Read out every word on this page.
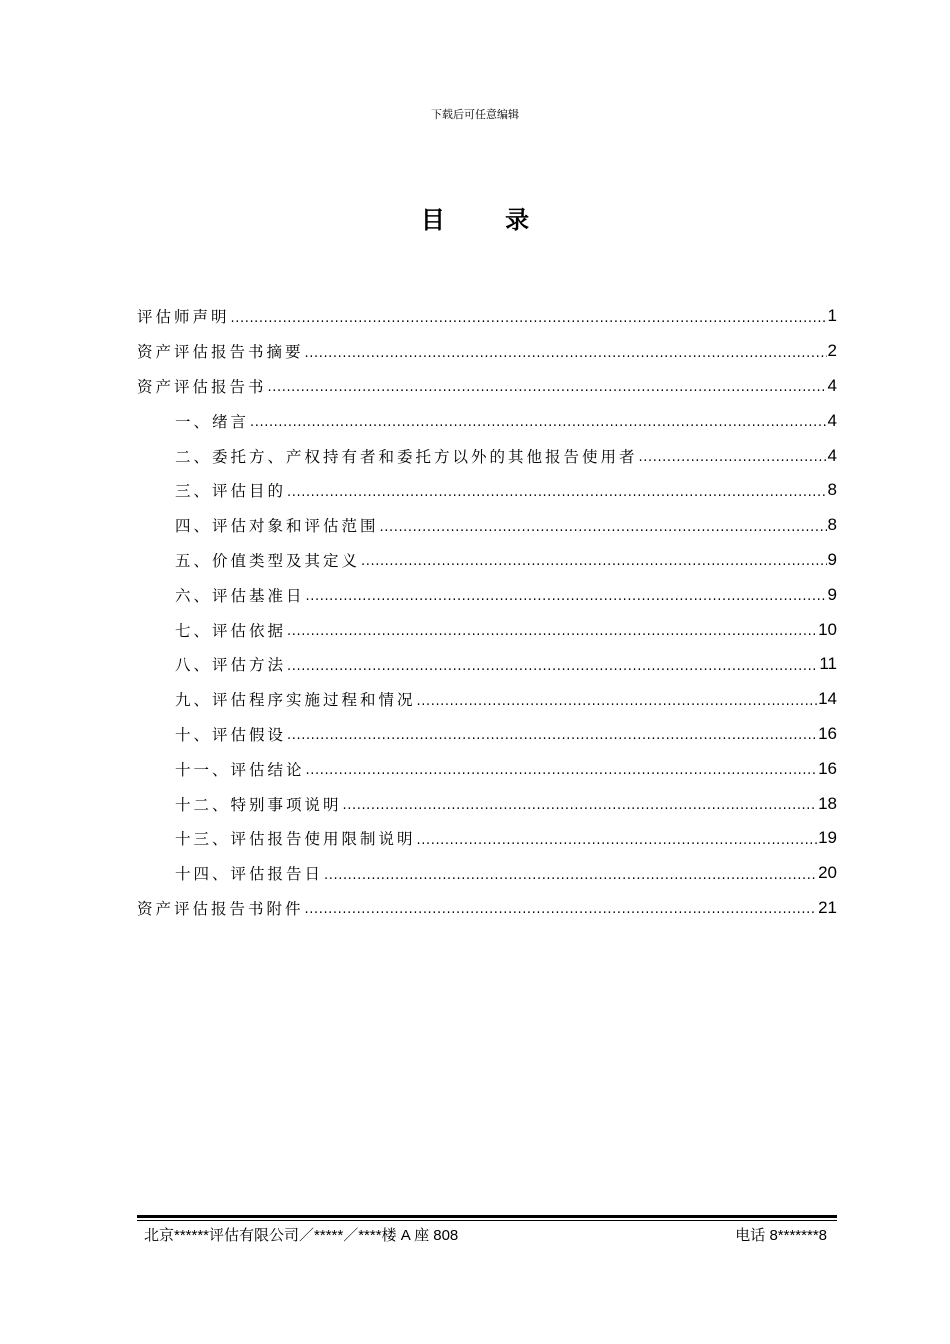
下载后可任意编辑
目 录
评估师声明 .....	1
资产评估报告书摘要 .....	2
资产评估报告书 .....	4
一、绪言 .....	4
二、委托方、产权持有者和委托方以外的其他报告使用者 .....	4
三、评估目的 .....	8
四、评估对象和评估范围 .....	8
五、价值类型及其定义 .....	9
六、评估基准日 .....	9
七、评估依据 .....	10
八、评估方法 .....	11
九、评估程序实施过程和情况 .....	14
十、评估假设 .....	16
十一、评估结论 .....	16
十二、特别事项说明 .....	18
十三、评估报告使用限制说明 .....	19
十四、评估报告日 .....	20
资产评估报告书附件 .....	21
北京******评估有限公司／*****／****楼 A 座 808	电话 8*******8
